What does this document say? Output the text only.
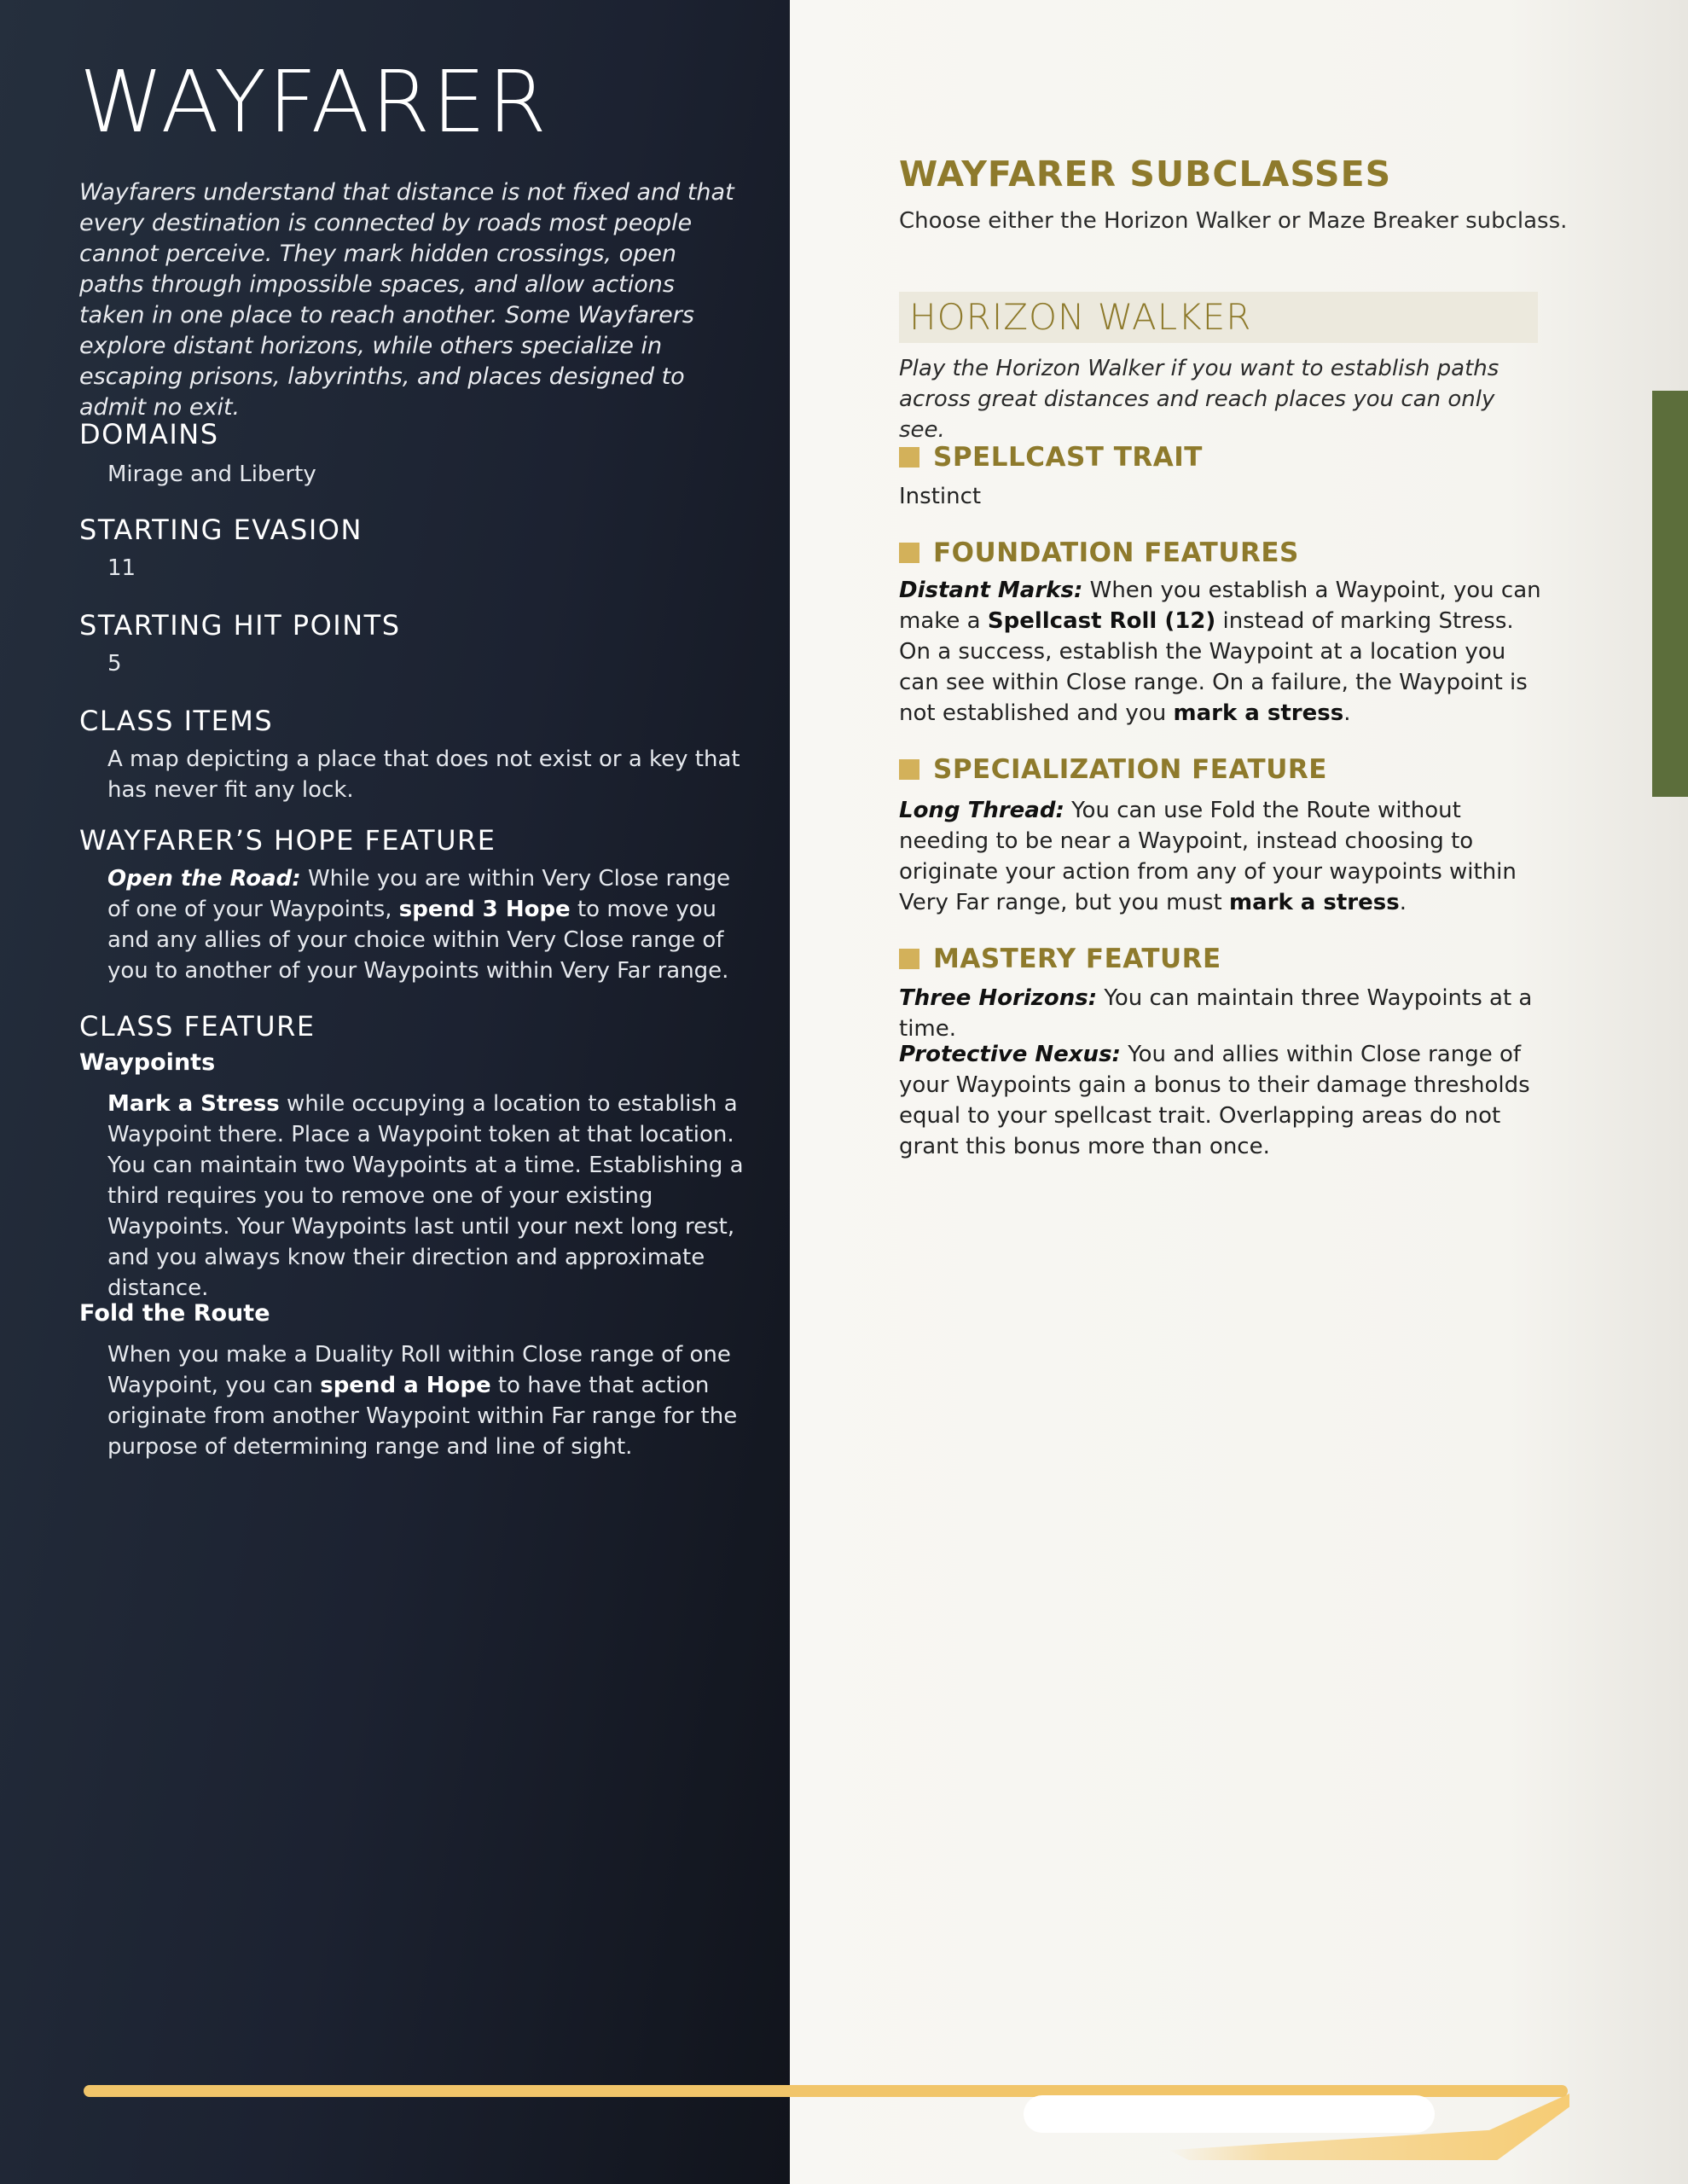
WAYFARER

Wayfarers understand that distance is not fixed and that every destination is connected by roads most people cannot perceive. They mark hidden crossings, open paths through impossible spaces, and allow actions taken in one place to reach another. Some Wayfarers explore distant horizons, while others specialize in escaping prisons, labyrinths, and places designed to admit no exit.

DOMAINS

Mirage and Liberty

STARTING EVASION

11

STARTING HIT POINTS

5

CLASS ITEMS

A map depicting a place that does not exist or a key that has never fit any lock.

WAYFARER’S HOPE FEATURE

Open the Road: While you are within Very Close range of one of your Waypoints, spend 3 Hope to move you and any allies of your choice within Very Close range of you to another of your Waypoints within Very Far range.

CLASS FEATURE
Waypoints

Mark a Stress while occupying a location to establish a Waypoint there. Place a Waypoint token at that location. You can maintain two Waypoints at a time. Establishing a third requires you to remove one of your existing Waypoints. Your Waypoints last until your next long rest, and you always know their direction and approximate distance.

Fold the Route

When you make a Duality Roll within Close range of one Waypoint, you can spend a Hope to have that action originate from another Waypoint within Far range for the purpose of determining range and line of sight.

WAYFARER SUBCLASSES

Choose either the Horizon Walker or Maze Breaker subclass.

HORIZON WALKER

Play the Horizon Walker if you want to establish paths across great distances and reach places you can only see.

SPELLCAST TRAIT

Instinct

FOUNDATION FEATURES

Distant Marks: When you establish a Waypoint, you can make a Spellcast Roll (12) instead of marking Stress. On a success, establish the Waypoint at a location you can see within Close range. On a failure, the Waypoint is not established and you mark a stress.

SPECIALIZATION FEATURE

Long Thread: You can use Fold the Route without needing to be near a Waypoint, instead choosing to originate your action from any of your waypoints within Very Far range, but you must mark a stress.

MASTERY FEATURE

Three Horizons: You can maintain three Waypoints at a time.

Protective Nexus: You and allies within Close range of your Waypoints gain a bonus to their damage thresholds equal to your spellcast trait. Overlapping areas do not grant this bonus more than once.
